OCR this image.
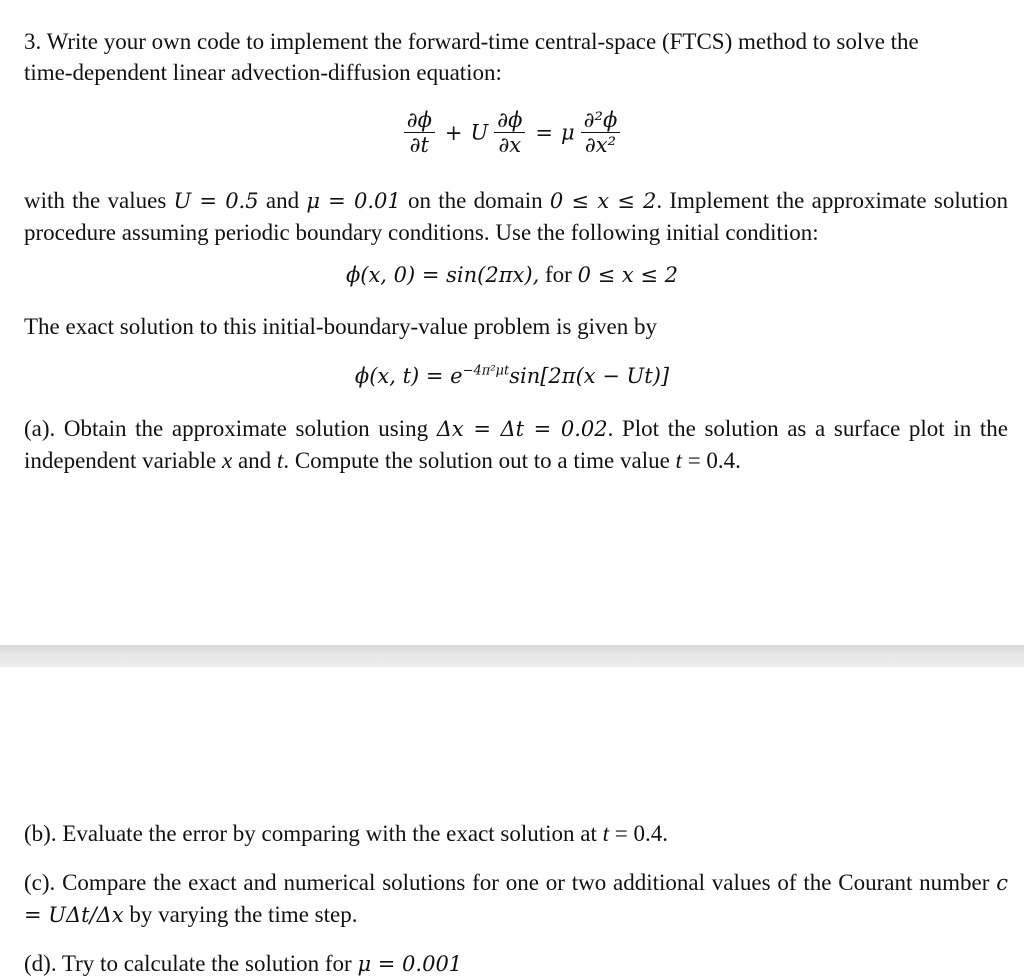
3. Write your own code to implement the forward-time central-space (FTCS) method to solve the
time-dependent linear advection-diffusion equation:
$\frac{\partial\phi}{\partial t} + U \frac{\partial\phi}{\partial x} = \mu \frac{\text{∂²ϕ}}{\text{∂x²}}$
with the values U = 0.5 and μ = 0.01 on the domain 0 ≤ x ≤ 2. Implement the approximate solution procedure assuming periodic boundary conditions. Use the following initial condition:
ϕ(x, 0) = sin(2πx), for 0 ≤ x ≤ 2
The exact solution to this initial-boundary-value problem is given by
ϕ(x, $t) = e^{-4\pi^2\mu t}\sin[2\pi(x - Ut)]$
(a). Obtain the approximate solution using Δx = Δt = 0.02. Plot the solution as a surface plot in the independent variable x and t. Compute the solution out to a time value t = 0.4.
(b). Evaluate the error by comparing with the exact solution at t = 0.4.
(c). Compare the exact and numerical solutions for one or two additional values of the Courant number c = UΔt/Δx by varying the time step.
(d). Try to calculate the solution for μ = 0.001
